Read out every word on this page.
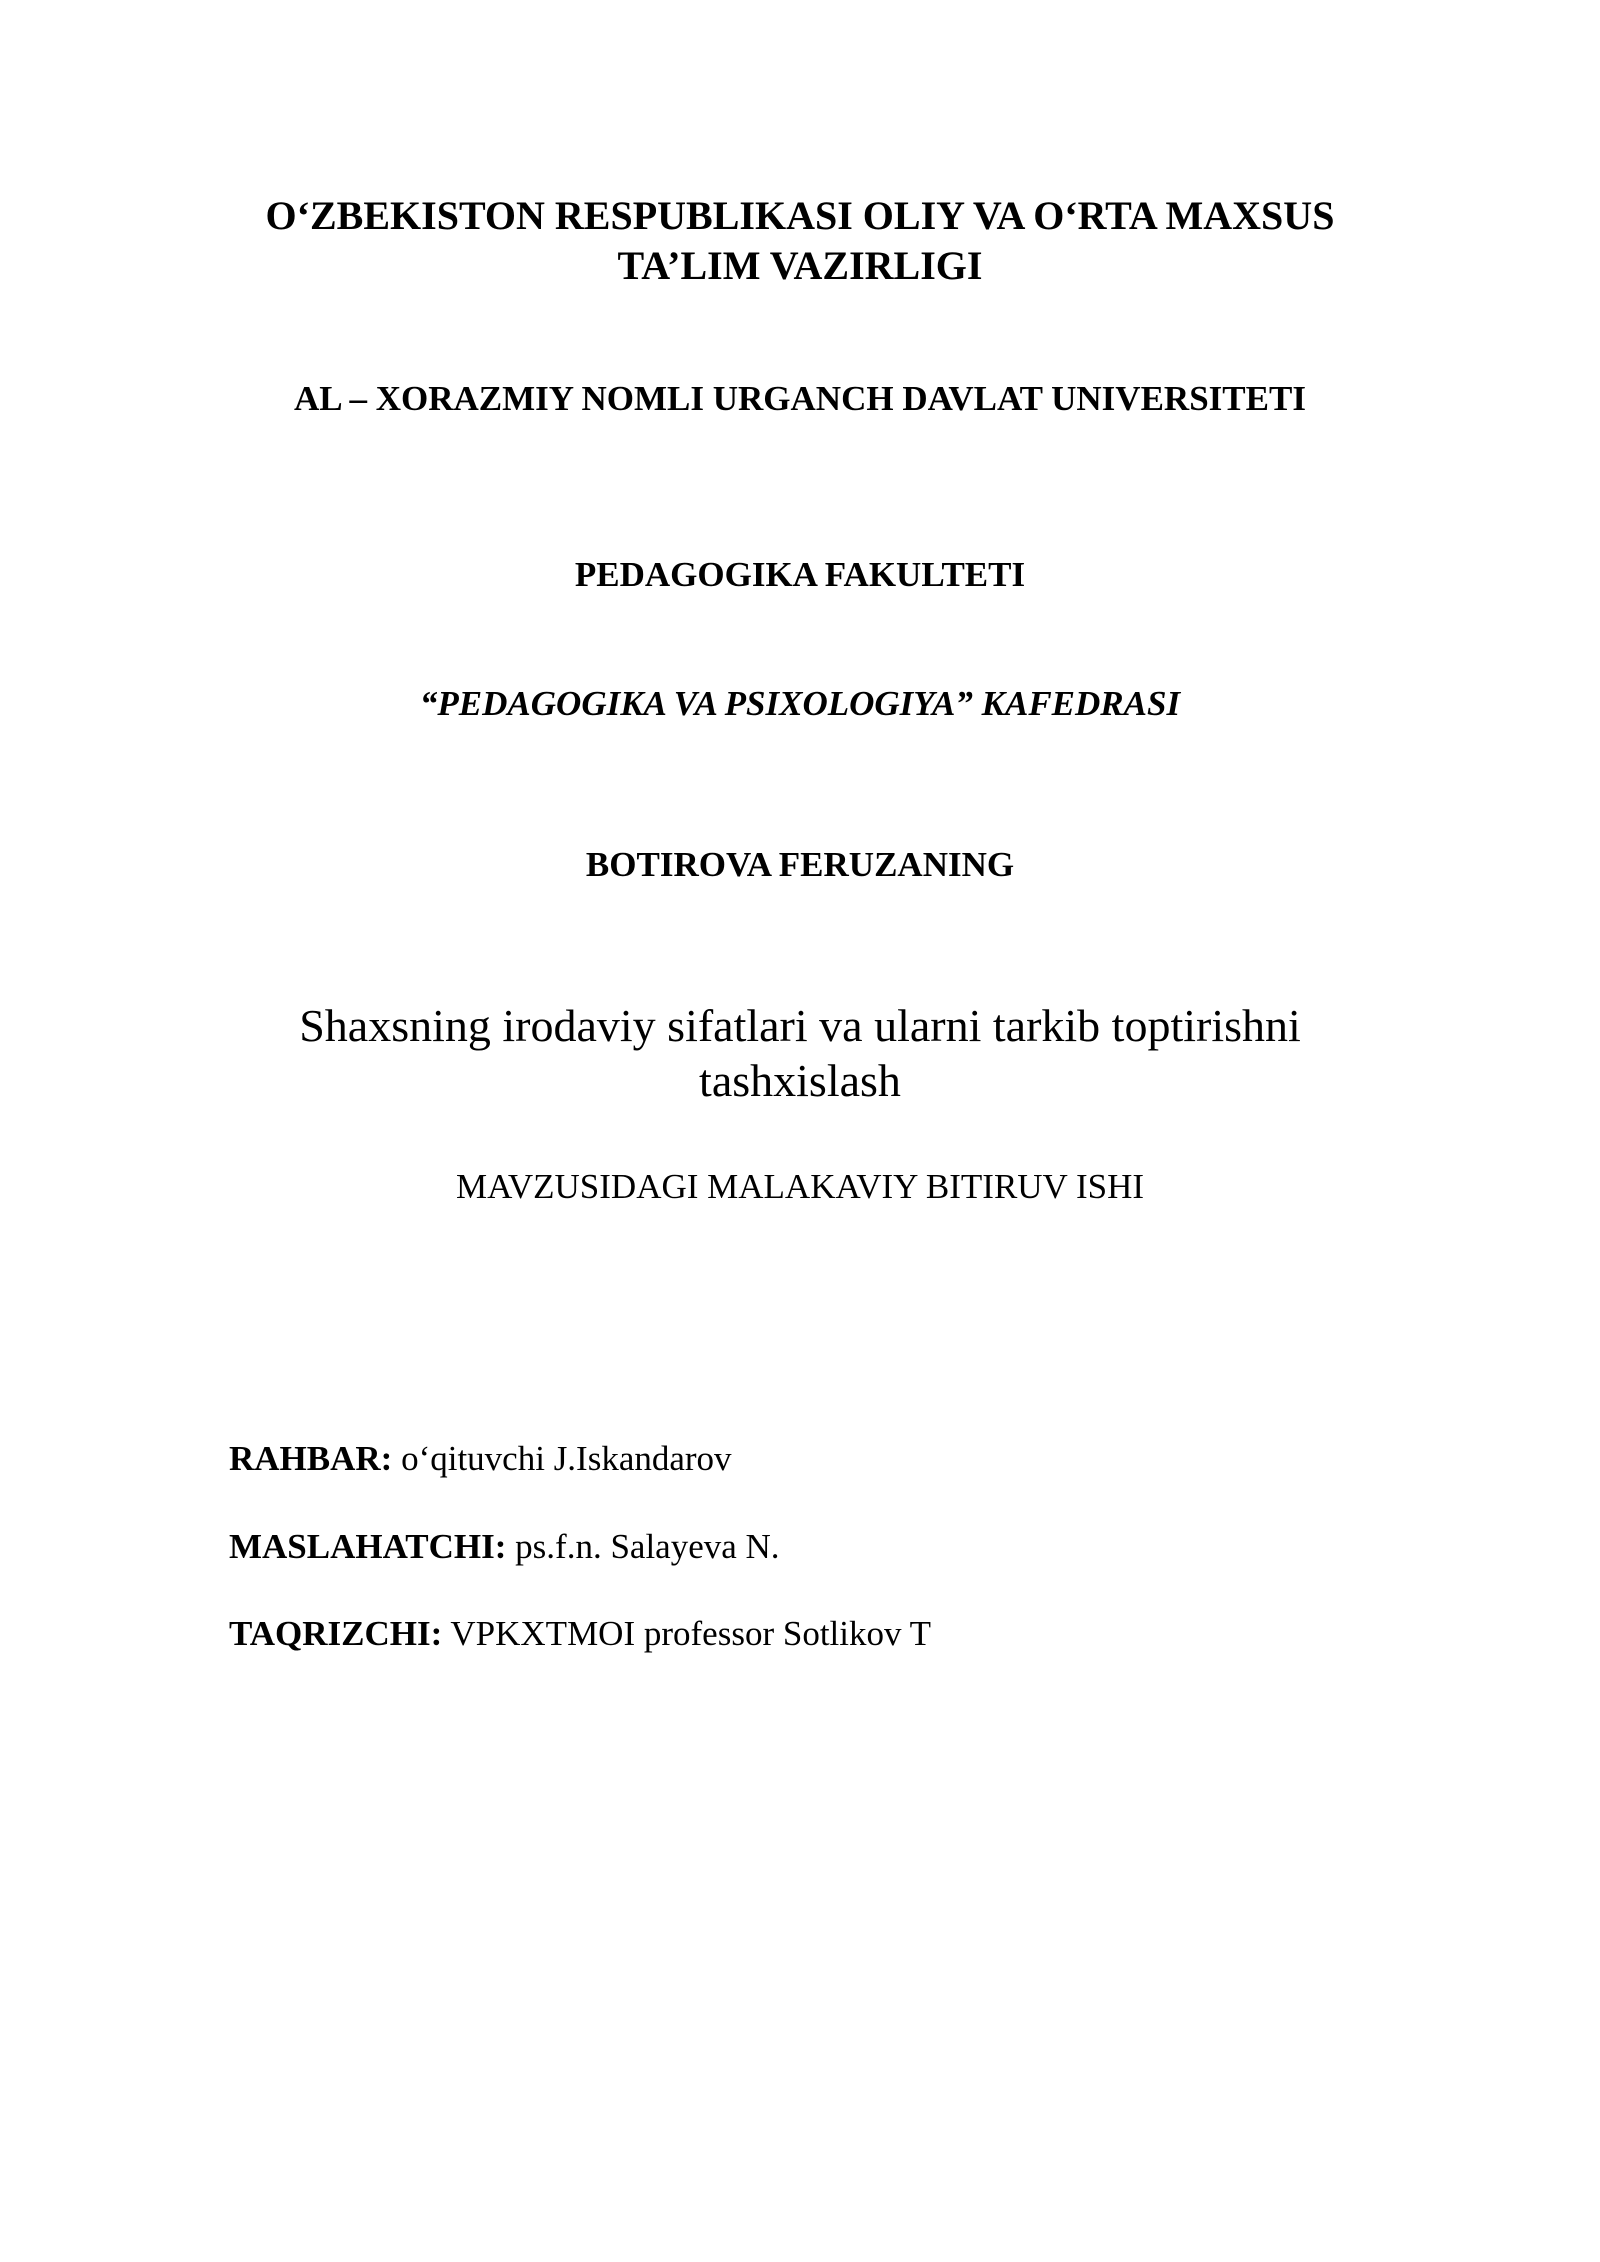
O‘ZBEKISTON RESPUBLIKASI OLIY VA O‘RTA MAXSUS
TA’LIM VAZIRLIGI
AL – XORAZMIY NOMLI URGANCH DAVLAT UNIVERSITETI
PEDAGOGIKA FAKULTETI
“PEDAGOGIKA VA PSIXOLOGIYA” KAFEDRASI
BOTIROVA FERUZANING
Shaxsning irodaviy sifatlari va ularni tarkib toptirishni
tashxislash
MAVZUSIDAGI MALAKAVIY BITIRUV ISHI
RAHBAR: o‘qituvchi J.Iskandarov
MASLAHATCHI: ps.f.n. Salayeva N.
TAQRIZCHI: VPKXTMOI professor Sotlikov T
